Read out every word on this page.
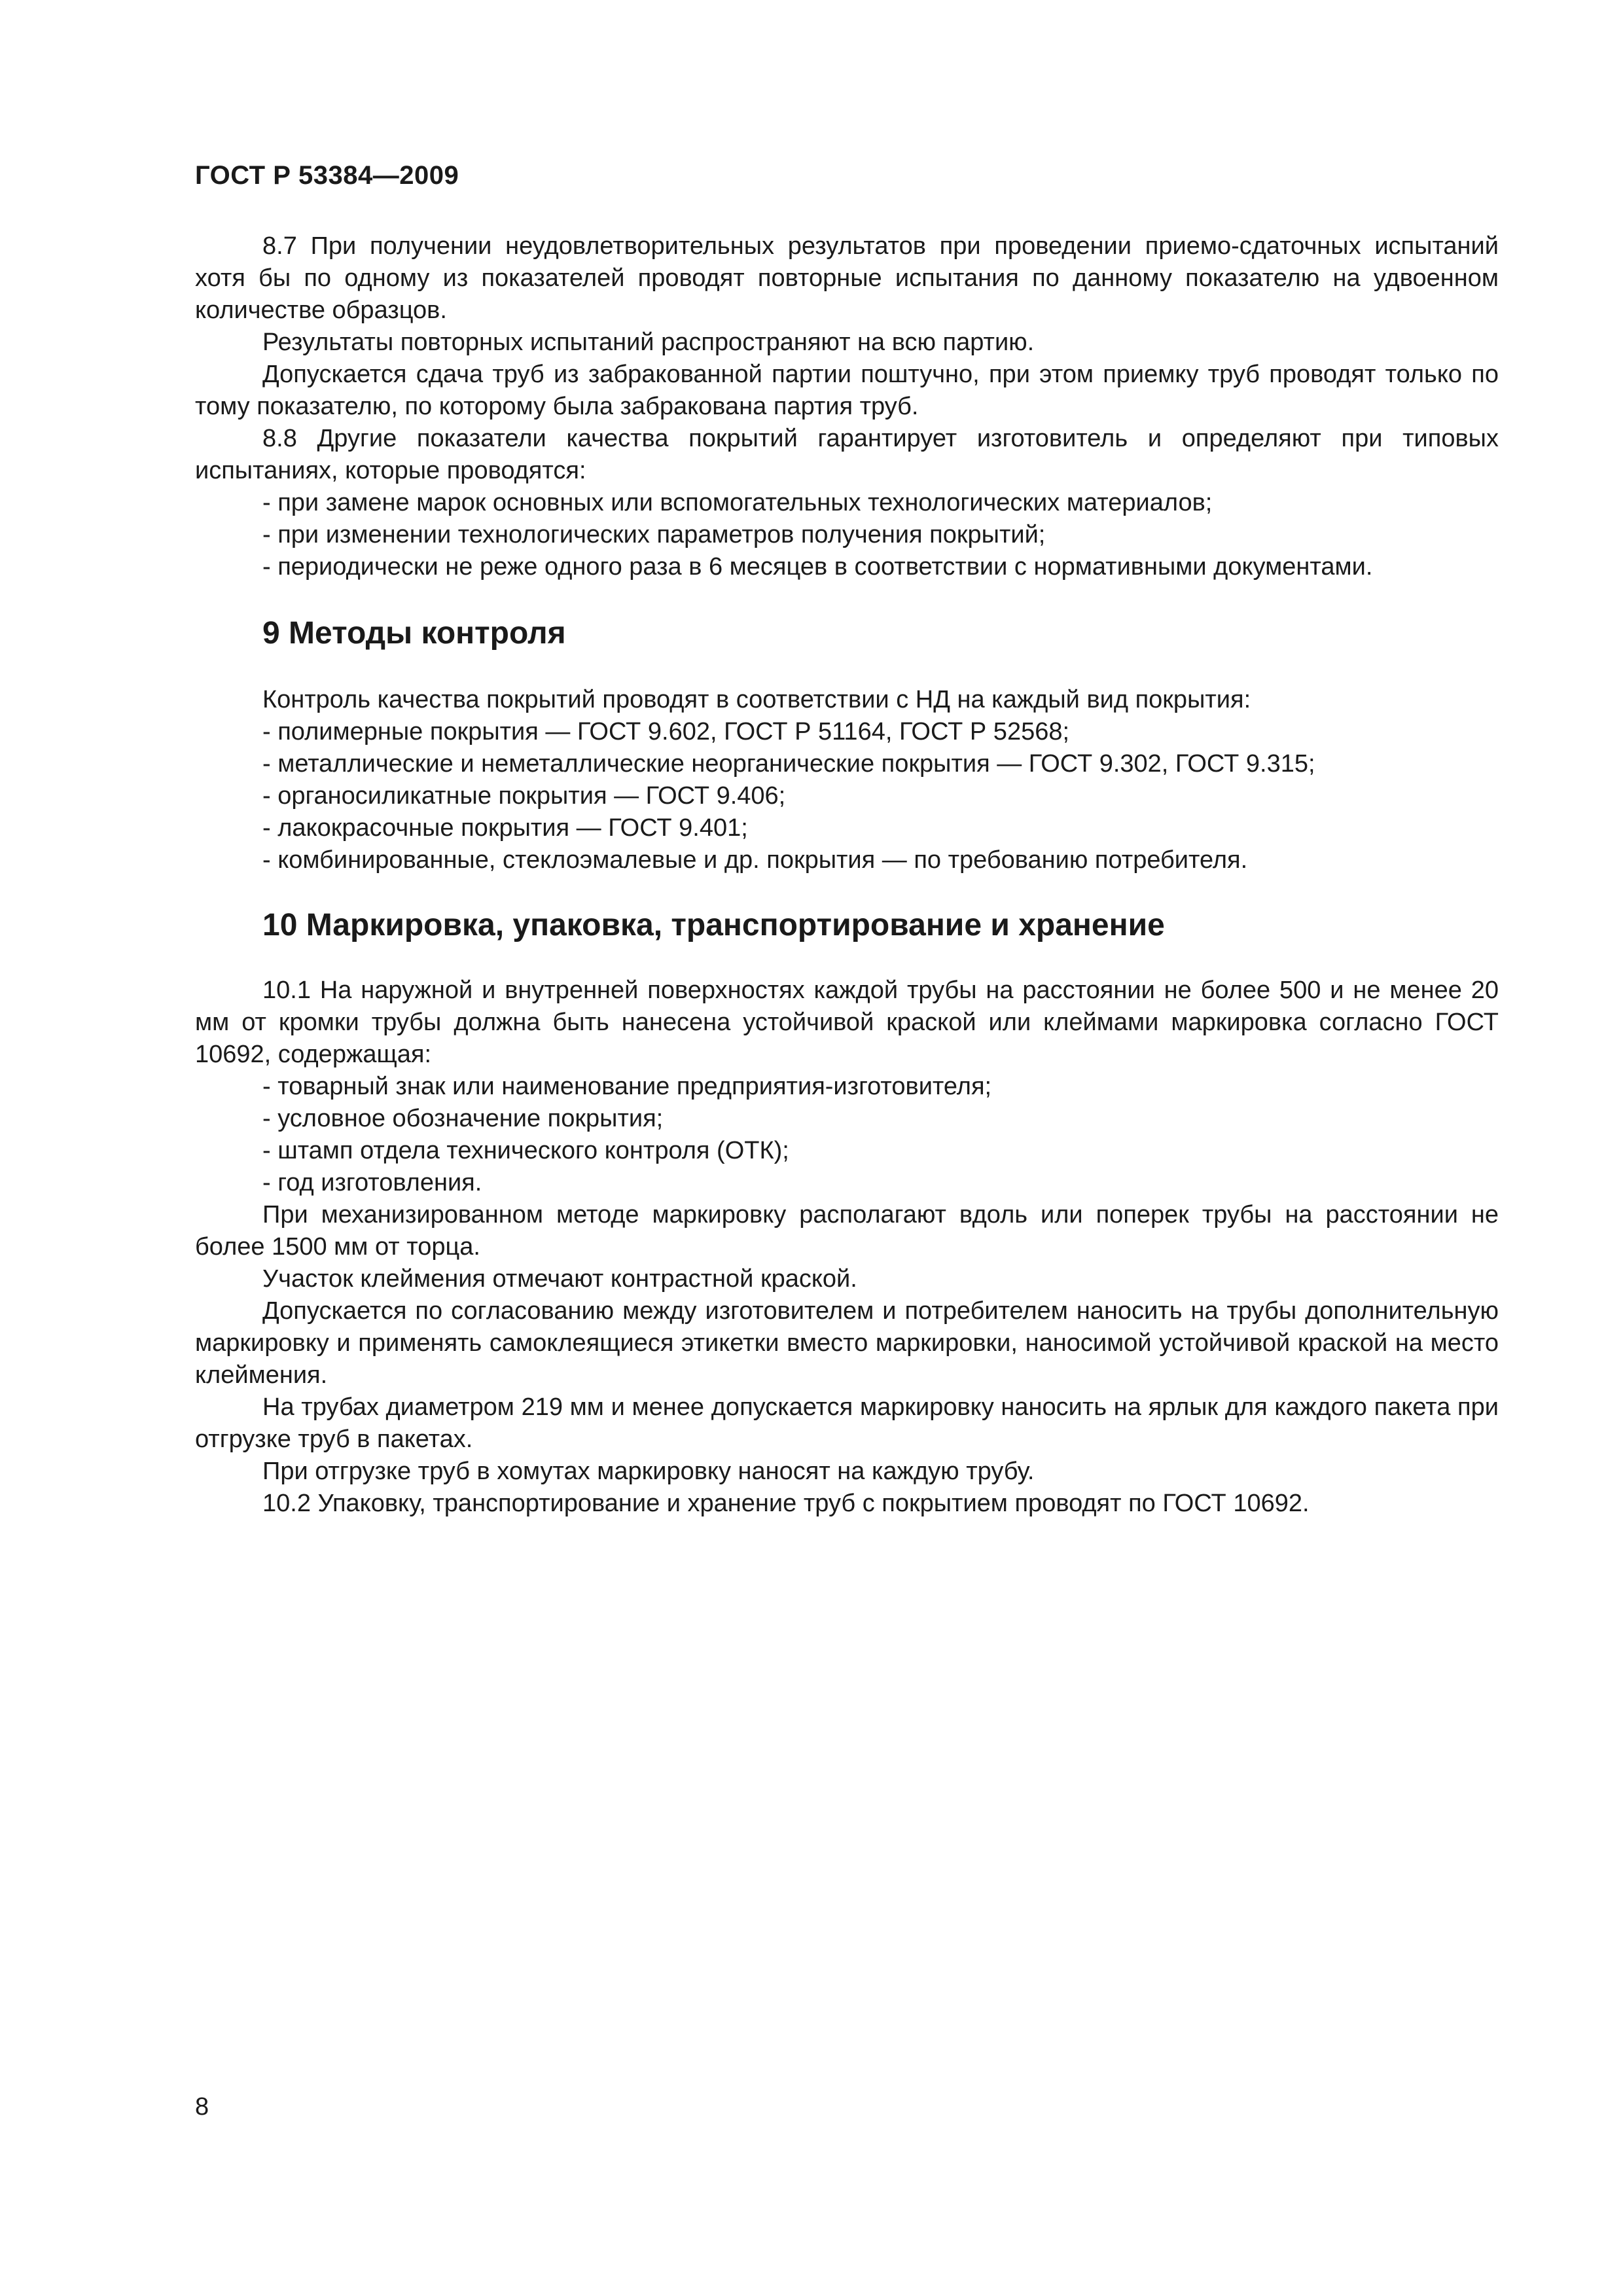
ГОСТ Р 53384—2009

8.7 При получении неудовлетворительных результатов при проведении приемо-сдаточных испытаний хотя бы по одному из показателей проводят повторные испытания по данному показателю на удвоенном количестве образцов.

Результаты повторных испытаний распространяют на всю партию.

Допускается сдача труб из забракованной партии поштучно, при этом приемку труб проводят только по тому показателю, по которому была забракована партия труб.

8.8 Другие показатели качества покрытий гарантирует изготовитель и определяют при типовых испытаниях, которые проводятся:

- при замене марок основных или вспомогательных технологических материалов;

- при изменении технологических параметров получения покрытий;

- периодически не реже одного раза в 6 месяцев в соответствии с нормативными документами.

9 Методы контроля

Контроль качества покрытий проводят в соответствии с НД на каждый вид покрытия:

- полимерные покрытия — ГОСТ 9.602, ГОСТ Р 51164, ГОСТ Р 52568;

- металлические и неметаллические неорганические покрытия — ГОСТ 9.302, ГОСТ 9.315;

- органосиликатные покрытия — ГОСТ 9.406;

- лакокрасочные покрытия — ГОСТ 9.401;

- комбинированные, стеклоэмалевые и др. покрытия — по требованию потребителя.

10 Маркировка, упаковка, транспортирование и хранение

10.1 На наружной и внутренней поверхностях каждой трубы на расстоянии не более 500 и не менее 20 мм от кромки трубы должна быть нанесена устойчивой краской или клеймами маркировка согласно ГОСТ 10692, содержащая:

- товарный знак или наименование предприятия-изготовителя;

- условное обозначение покрытия;

- штамп отдела технического контроля (ОТК);

- год изготовления.

При механизированном методе маркировку располагают вдоль или поперек трубы на расстоянии не более 1500 мм от торца.

Участок клеймения отмечают контрастной краской.

Допускается по согласованию между изготовителем и потребителем наносить на трубы дополнительную маркировку и применять самоклеящиеся этикетки вместо маркировки, наносимой устойчивой краской на место клеймения.

На трубах диаметром 219 мм и менее допускается маркировку наносить на ярлык для каждого пакета при отгрузке труб в пакетах.

При отгрузке труб в хомутах маркировку наносят на каждую трубу.

10.2 Упаковку, транспортирование и хранение труб с покрытием проводят по ГОСТ 10692.

8
